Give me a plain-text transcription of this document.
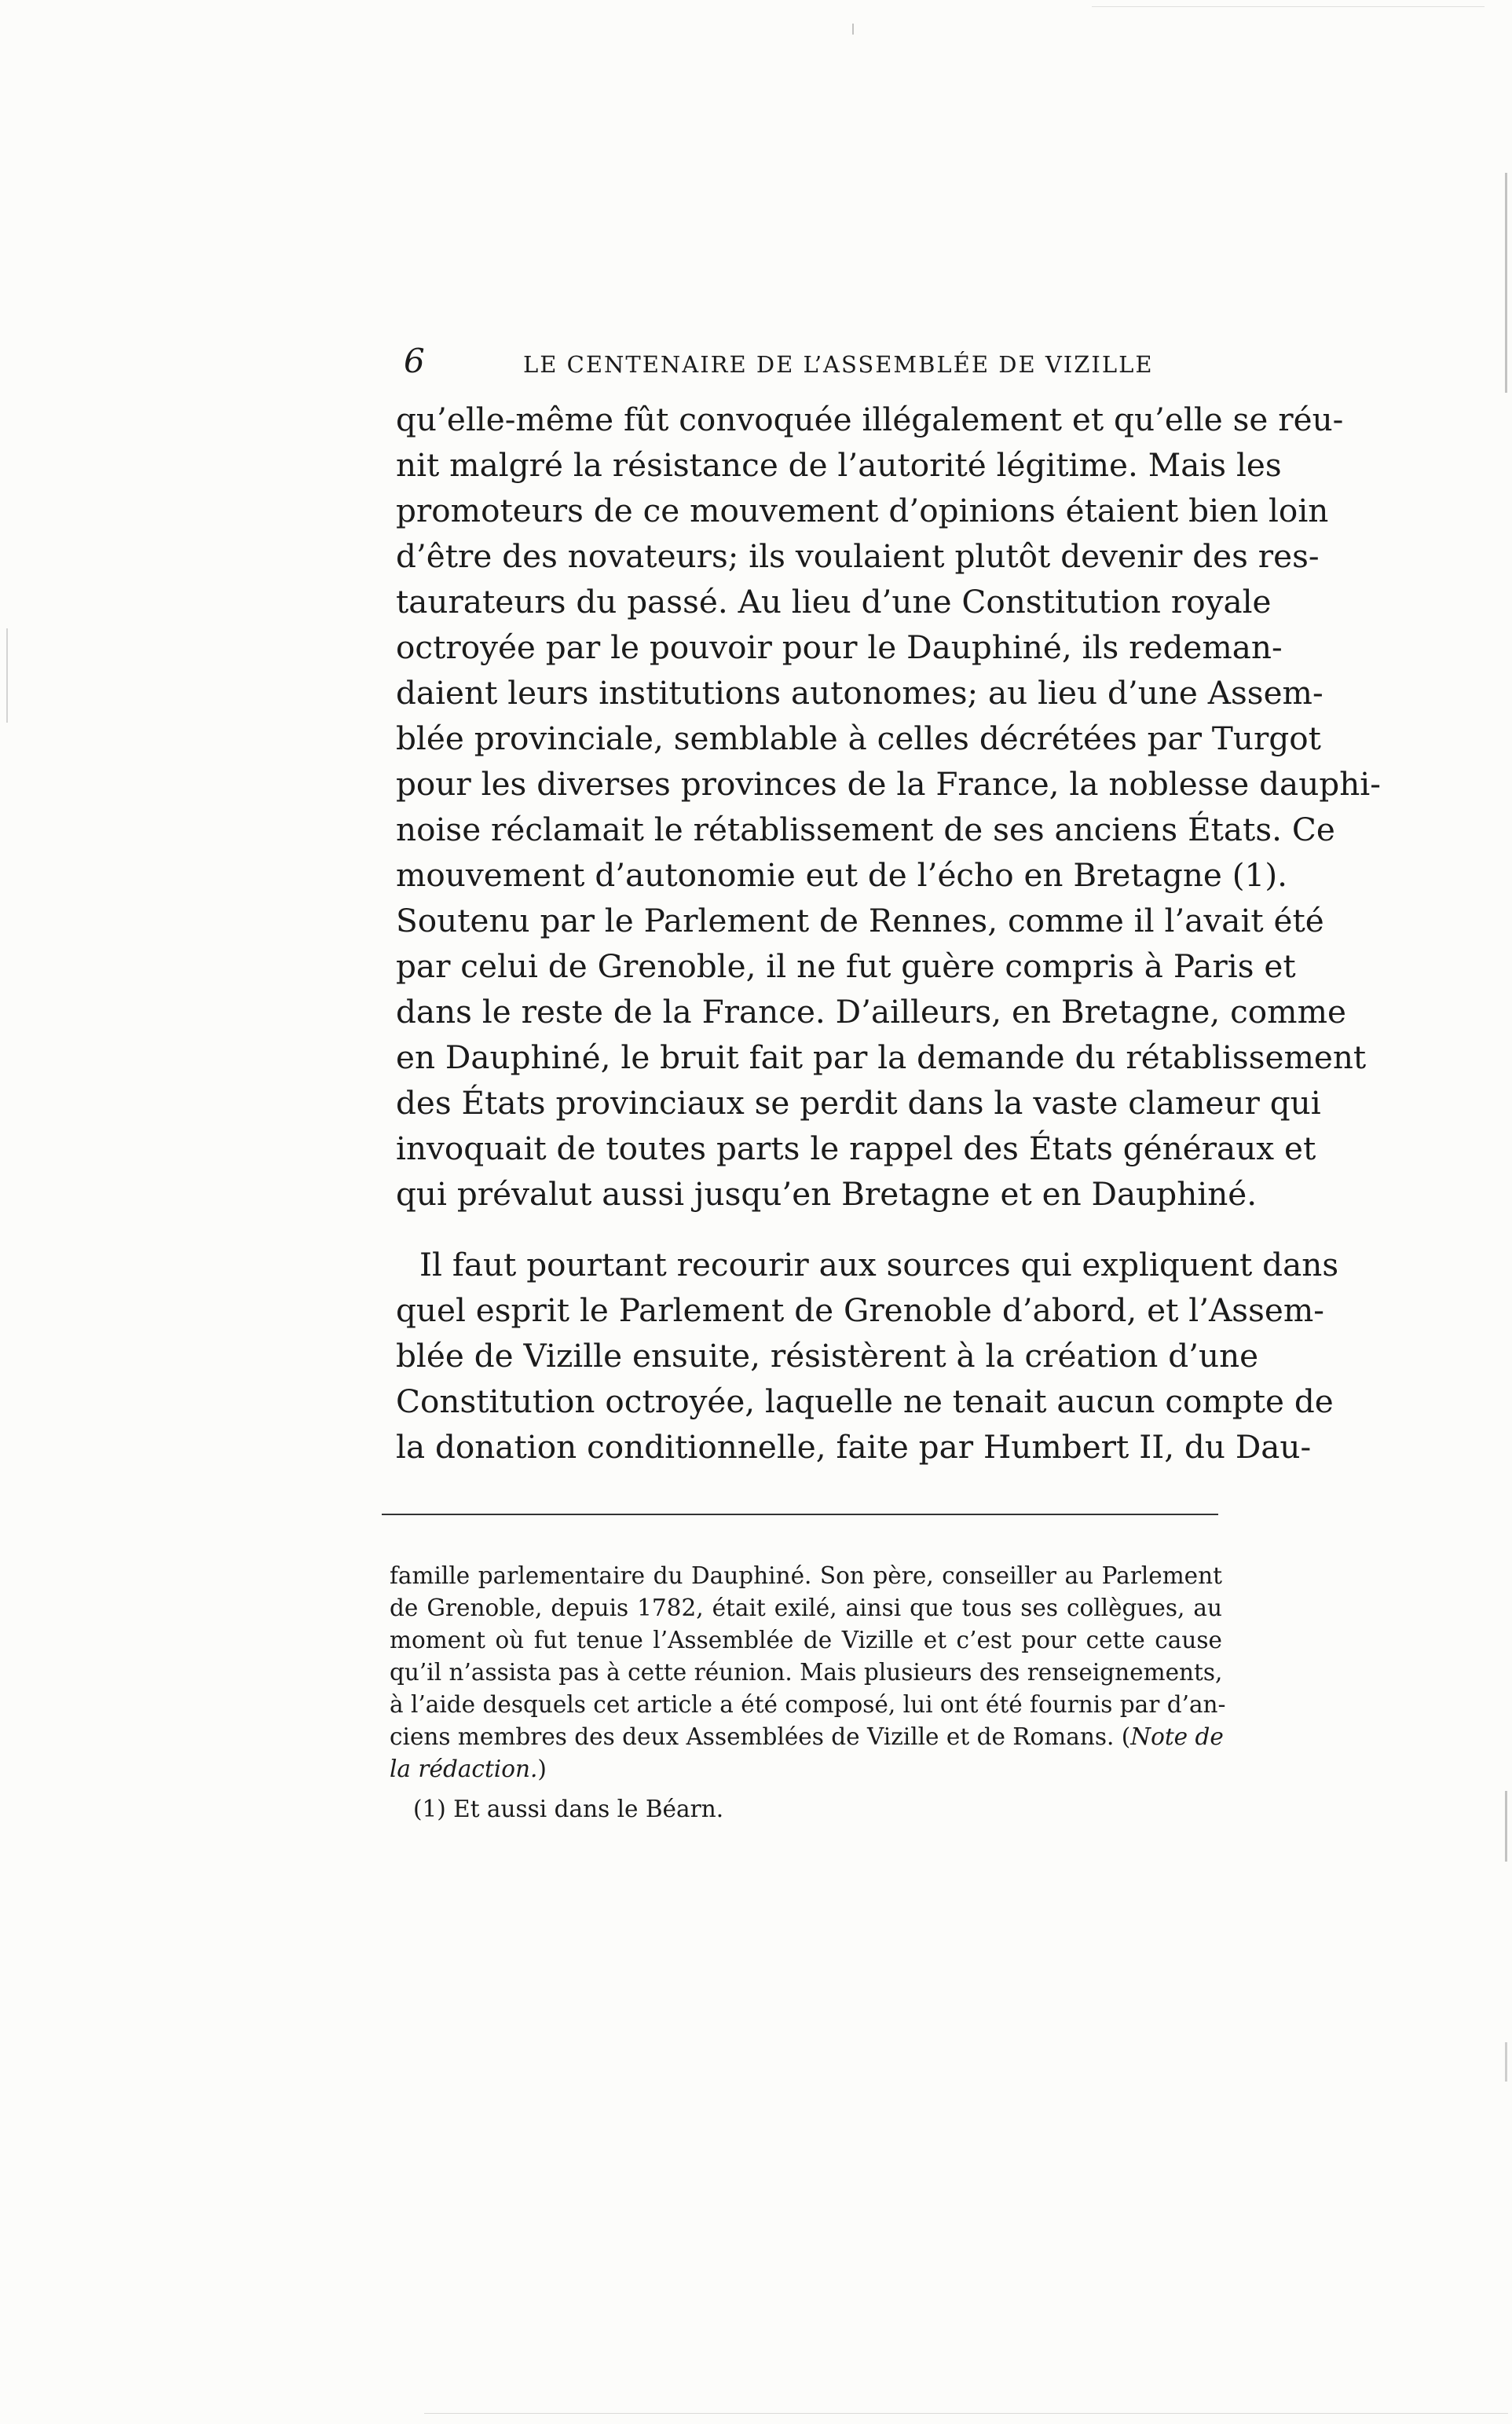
6	LE CENTENAIRE DE L’ASSEMBLÉE DE VIZILLE
qu’elle-même fût convoquée illégalement et qu’elle se réu-
nit malgré la résistance de l’autorité légitime. Mais les
promoteurs de ce mouvement d’opinions étaient bien loin
d’être des novateurs; ils voulaient plutôt devenir des res-
taurateurs du passé. Au lieu d’une Constitution royale
octroyée par le pouvoir pour le Dauphiné, ils redeman-
daient leurs institutions autonomes; au lieu d’une Assem-
blée provinciale, semblable à celles décrétées par Turgot
pour les diverses provinces de la France, la noblesse dauphi-
noise réclamait le rétablissement de ses anciens États. Ce
mouvement d’autonomie eut de l’écho en Bretagne (1).
Soutenu par le Parlement de Rennes, comme il l’avait été
par celui de Grenoble, il ne fut guère compris à Paris et
dans le reste de la France. D’ailleurs, en Bretagne, comme
en Dauphiné, le bruit fait par la demande du rétablissement
des États provinciaux se perdit dans la vaste clameur qui
invoquait de toutes parts le rappel des États généraux et
qui prévalut aussi jusqu’en Bretagne et en Dauphiné.
Il faut pourtant recourir aux sources qui expliquent dans
quel esprit le Parlement de Grenoble d’abord, et l’Assem-
blée de Vizille ensuite, résistèrent à la création d’une
Constitution octroyée, laquelle ne tenait aucun compte de
la donation conditionnelle, faite par Humbert II, du Dau-
famille parlementaire du Dauphiné. Son père, conseiller au Parlement
de Grenoble, depuis 1782, était exilé, ainsi que tous ses collègues, au
moment où fut tenue l’Assemblée de Vizille et c’est pour cette cause
qu’il n’assista pas à cette réunion. Mais plusieurs des renseignements,
à l’aide desquels cet article a été composé, lui ont été fournis par d’an-
ciens membres des deux Assemblées de Vizille et de Romans. (Note de
la rédaction.)
(1) Et aussi dans le Béarn.
